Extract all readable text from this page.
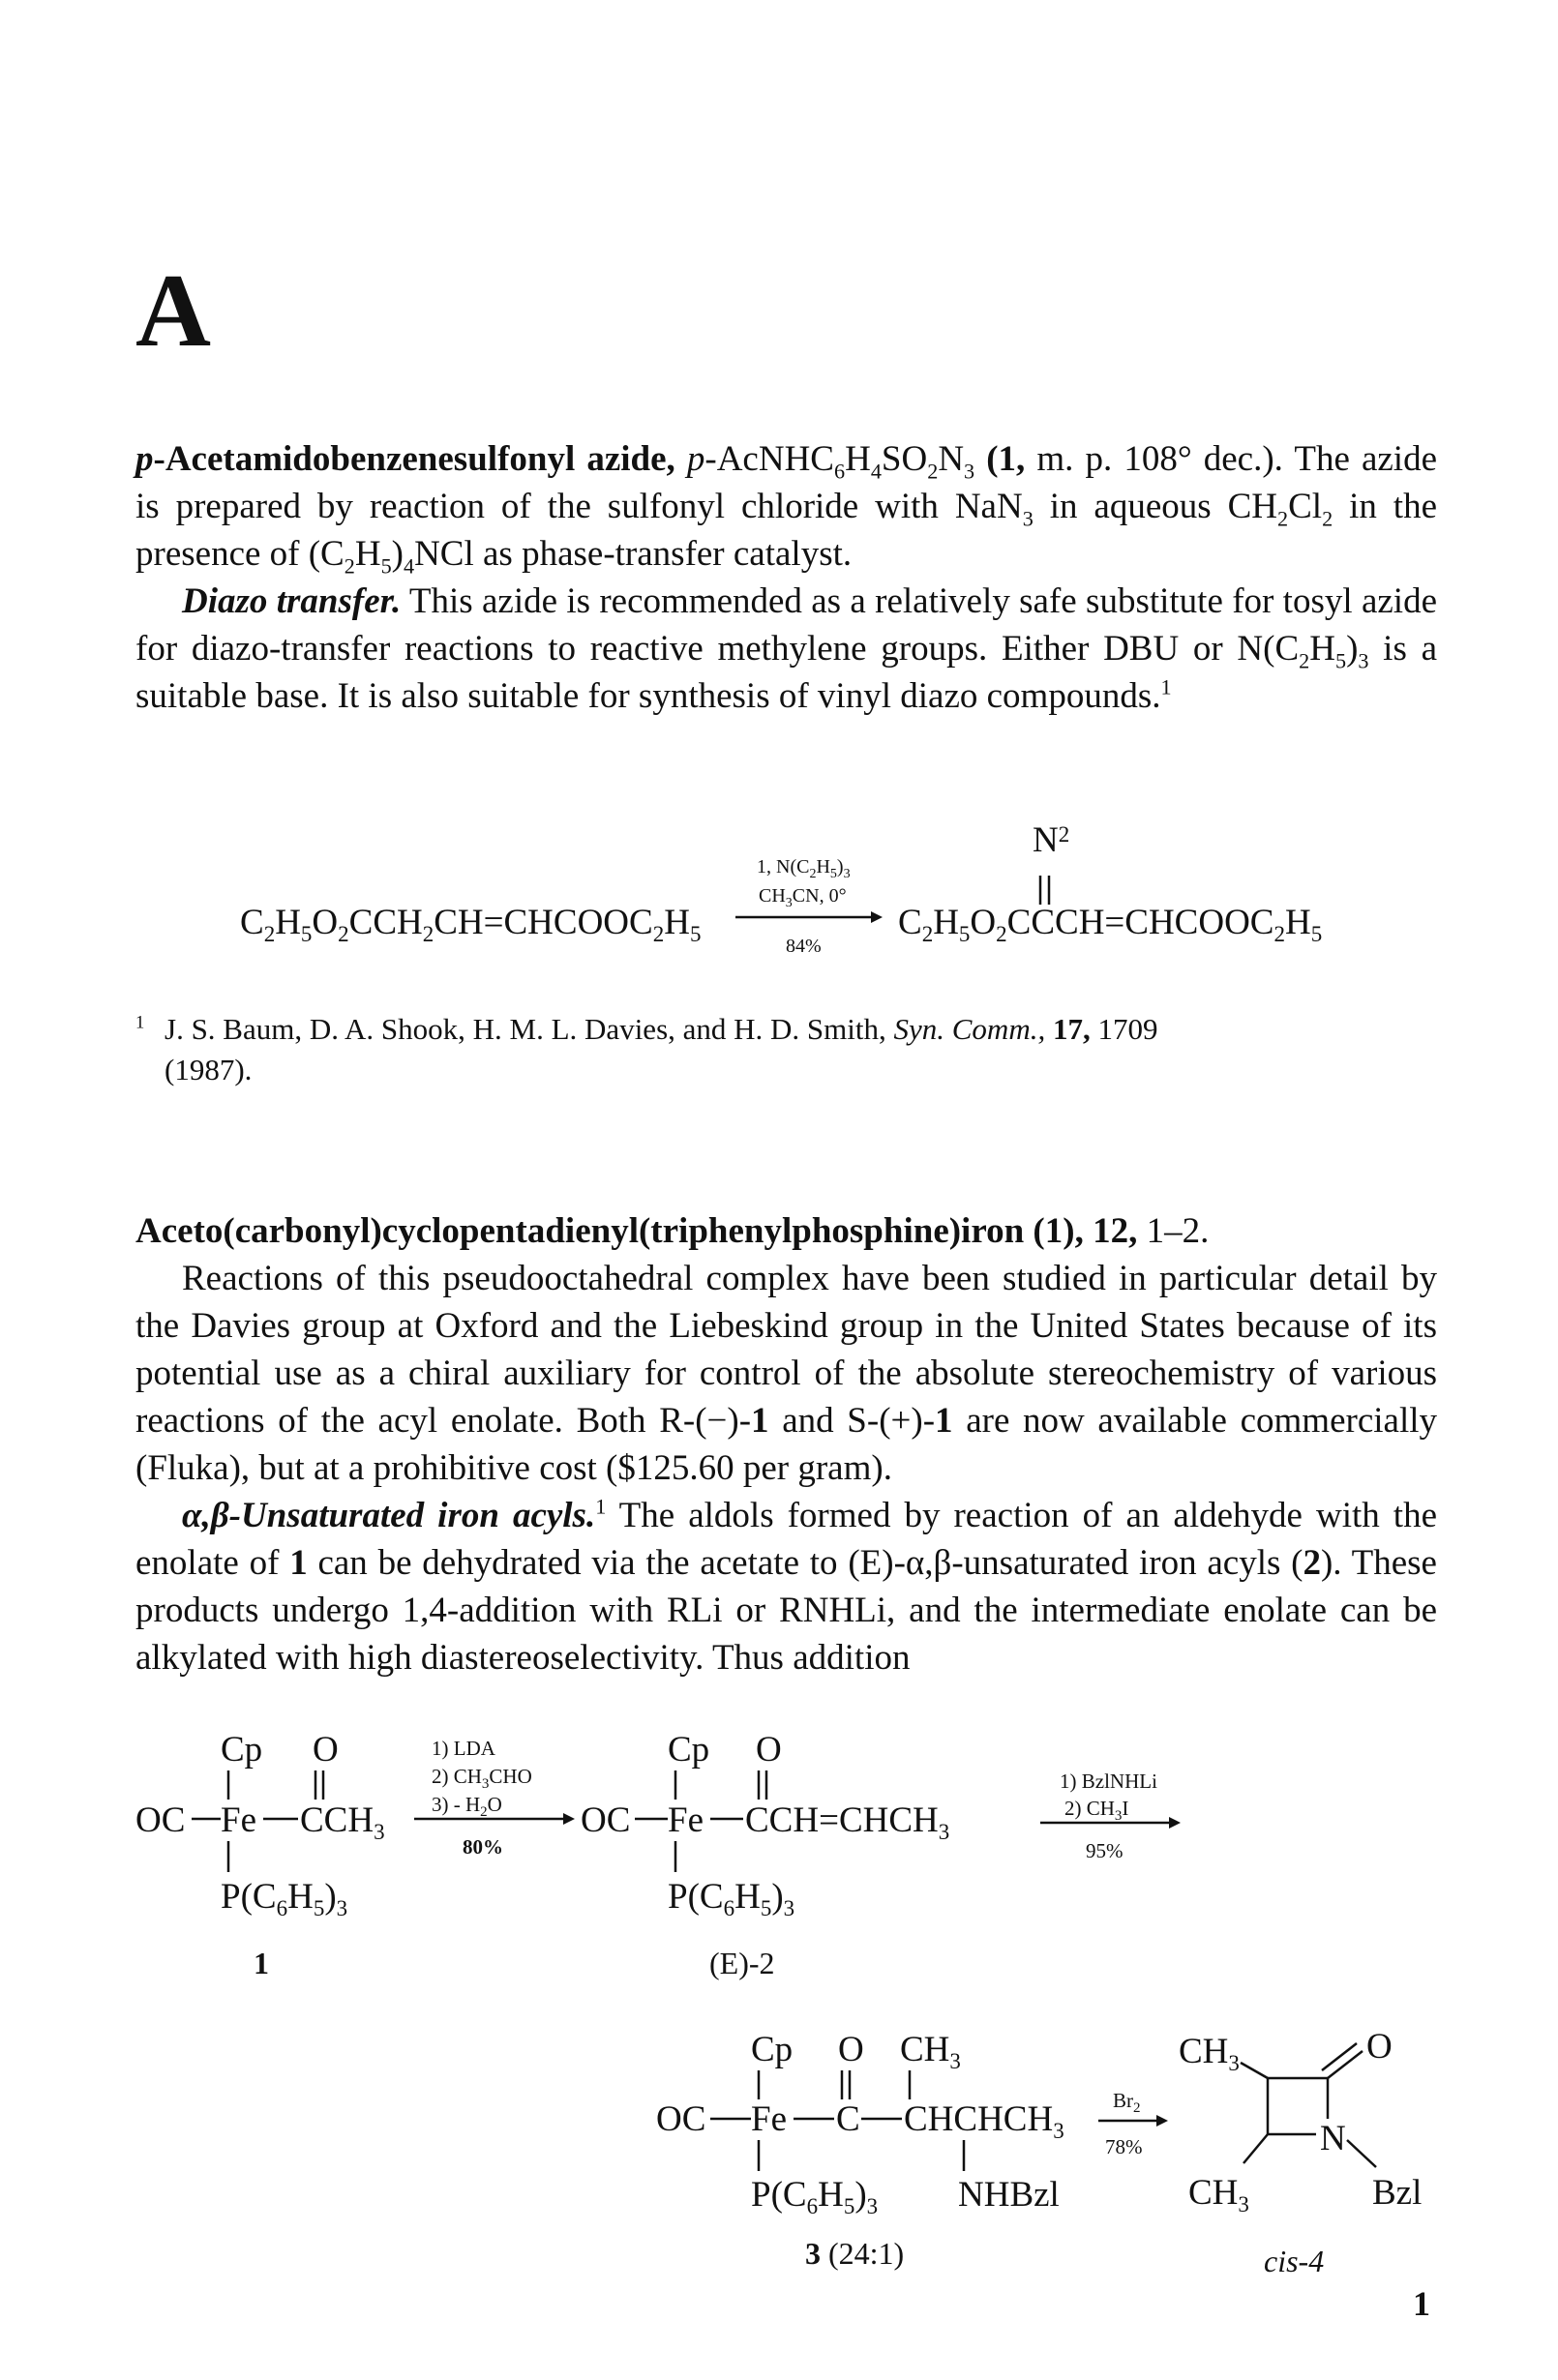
A

p-Acetamidobenzenesulfonyl azide, $p-AcNHC_6H_4SO_2N_3$ (1, m. p. 108° dec.). The azide is prepared by reaction of the sulfonyl chloride with NaN$_3$ in aqueous $CH_2Cl_2$ in the presence of $(C_2H_5)_4NCl$ as phase-transfer catalyst.

Diazo transfer. This azide is recommended as a relatively safe substitute for tosyl azide for diazo-transfer reactions to reactive methylene groups. Either DBU or $N(C_2H_5)_3$ is a suitable base. It is also suitable for synthesis of vinyl diazo compounds.$^1$

$C_2H_5O_2CCH_2CH=CHCOOC_2H_5$
1, $N(C_2H_5)_3$
$CH_3CN$, 0°
84%
$N^2$
$C_2H_5O_2CCCH=CHCOOC_2H_5$
$^1$ J. S. Baum, D. A. Shook, H. M. L. Davies, and H. D. Smith, Syn. Comm., 17, 1709
(1987).

Aceto(carbonyl)cyclopentadienyl(triphenylphosphine)iron (1), 12, 1–2.

Reactions of this pseudooctahedral complex have been studied in particular detail by the Davies group at Oxford and the Liebeskind group in the United States because of its potential use as a chiral auxiliary for control of the absolute stereochemistry of various reactions of the acyl enolate. Both R-(−)-1 and S-(+)-1 are now available commercially (Fluka), but at a prohibitive cost ($125.60 per gram).

α,β-Unsaturated iron acyls.$^1$ The aldols formed by reaction of an aldehyde with the enolate of 1 can be dehydrated via the acetate to (E)-α,β-unsaturated iron acyls (2). These products undergo 1,4-addition with RLi or RNHLi, and the intermediate enolate can be alkylated with high diastereoselectivity. Thus addition

Cp O
OC Fe $CCH_3$
$P(C_6H_5)_3$
1
1) LDA
2) $CH_3CHO$
$3) - H_2O$
80%
Cp O
OC Fe $CCH=CHCH_3$
$P(C_6H_5)_3$
(E)-2
1) BzlNHLi
2) $CH_3I$
95%
Cp O $CH_3$
OC Fe C $CHCHCH_3$
$P(C_6H_5)_3$ NHBzl
3 (24:1)
$Br_2$
78%
$CH_3$	O
N
$CH_3$	Bzl
cis-4
1
